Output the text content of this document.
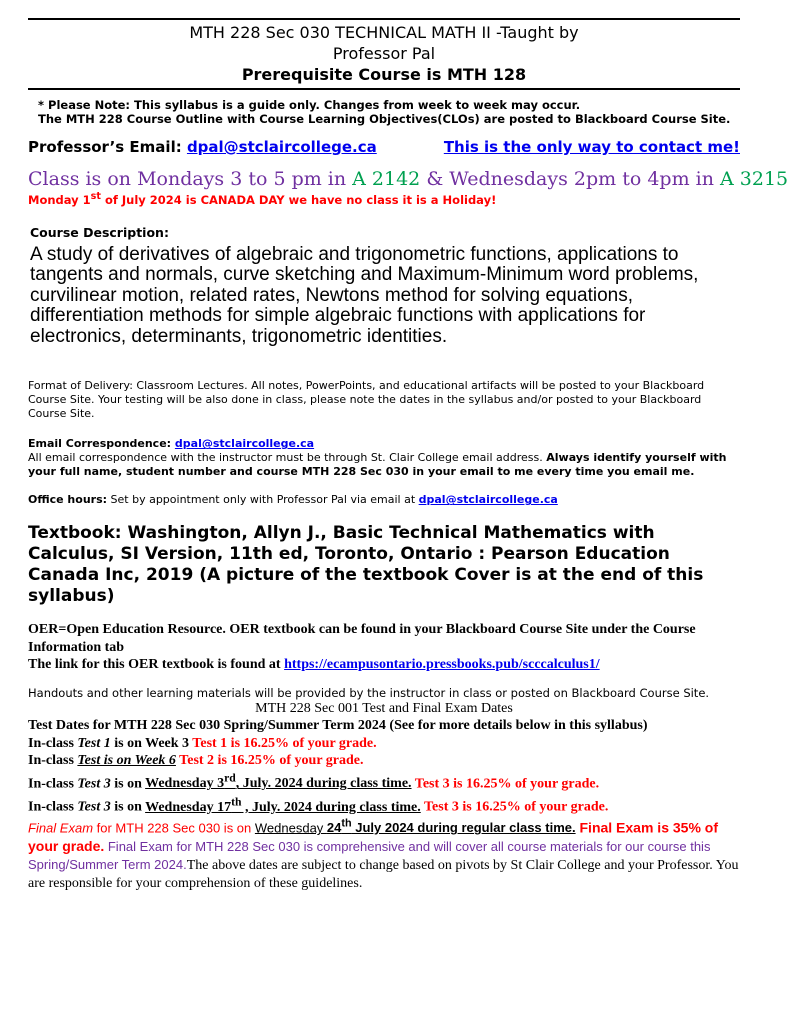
MTH 228 Sec 030 TECHNICAL MATH II -Taught by
Professor Pal
Prerequisite Course is MTH 128
* Please Note: This syllabus is a guide only. Changes from week to week may occur.
The MTH 228 Course Outline with Course Learning Objectives(CLOs) are posted to Blackboard Course Site.
Professor’s Email: dpal@stclaircollege.ca	This is the only way to contact me!
Class is on Mondays 3 to 5 pm in A 2142 & Wednesdays 2pm to 4pm in A 3215
Monday 1st of July 2024 is CANADA DAY we have no class it is a Holiday!
Course Description:
A study of derivatives of algebraic and trigonometric functions, applications to tangents and normals, curve sketching and Maximum-Minimum word problems, curvilinear motion, related rates, Newtons method for solving equations, differentiation methods for simple algebraic functions with applications for electronics, determinants, trigonometric identities.
Format of Delivery: Classroom Lectures. All notes, PowerPoints, and educational artifacts will be posted to your Blackboard Course Site. Your testing will be also done in class, please note the dates in the syllabus and/or posted to your Blackboard Course Site.
Email Correspondence: dpal@stclaircollege.ca
All email correspondence with the instructor must be through St. Clair College email address. Always identify yourself with your full name, student number and course MTH 228 Sec 030 in your email to me every time you email me.
Office hours: Set by appointment only with Professor Pal via email at dpal@stclaircollege.ca
Textbook: Washington, Allyn J., Basic Technical Mathematics with Calculus, SI Version, 11th ed, Toronto, Ontario : Pearson Education Canada Inc, 2019 (A picture of the textbook Cover is at the end of this syllabus)
OER=Open Education Resource. OER textbook can be found in your Blackboard Course Site under the Course Information tab
The link for this OER textbook is found at https://ecampusontario.pressbooks.pub/scccalculus1/
Handouts and other learning materials will be provided by the instructor in class or posted on Blackboard Course Site.
MTH 228 Sec 001 Test and Final Exam Dates
Test Dates for MTH 228 Sec 030 Spring/Summer Term 2024 (See for more details below in this syllabus)
In-class Test 1 is on Week 3 Test 1 is 16.25% of your grade.
In-class Test is on Week 6 Test 2 is 16.25% of your grade.
In-class Test 3 is on Wednesday 3rd, July. 2024 during class time. Test 3 is 16.25% of your grade.
In-class Test 3 is on Wednesday 17th , July. 2024 during class time. Test 3 is 16.25% of your grade.
Final Exam for MTH 228 Sec 030 is on Wednesday 24th July 2024 during regular class time. Final Exam is 35% of your grade. Final Exam for MTH 228 Sec 030 is comprehensive and will cover all course materials for our course this Spring/Summer Term 2024.The above dates are subject to change based on pivots by St Clair College and your Professor. You are responsible for your comprehension of these guidelines.
